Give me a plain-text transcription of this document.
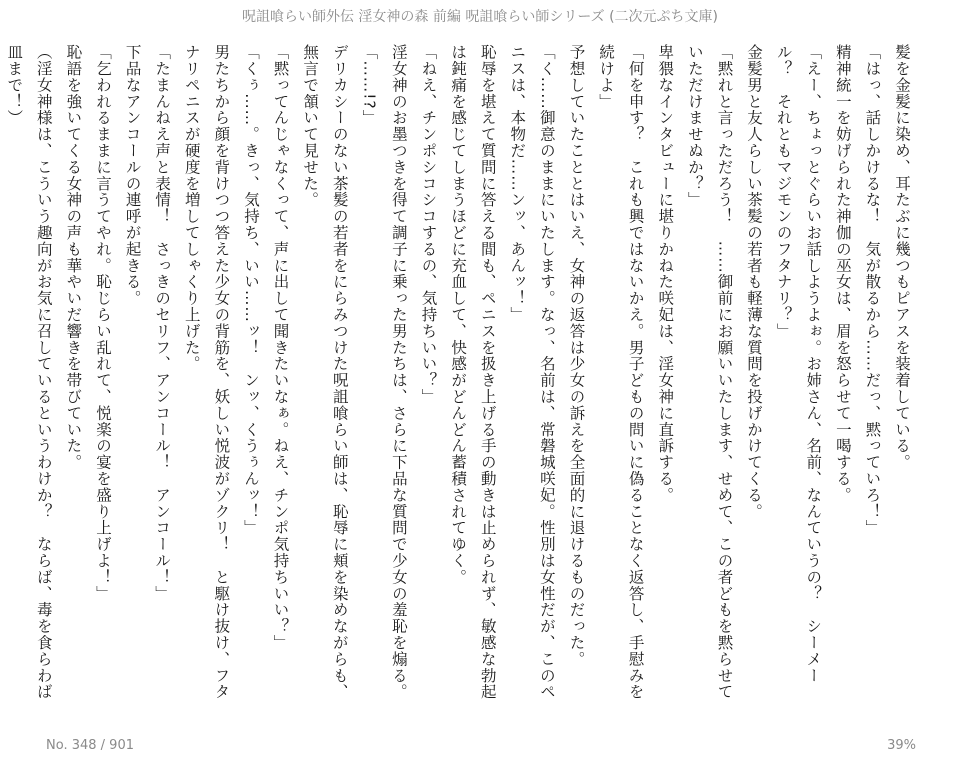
呪詛喰らい師外伝 淫女神の森 前編 呪詛喰らい師シリーズ (二次元ぷち文庫)

髪を金髪に染め、耳たぶに幾つもピアスを装着している。

「はっ、話しかけるな！　気が散るから……だっ、黙っていろ！」

精神統一を妨げられた神伽の巫女は、眉を怒らせて一喝する。

「えー、ちょっとぐらいお話しようよぉ。お姉さん、名前、なんていうの？　シーメール？　それともマジモンのフタナリ？」

金髪男と友人らしい茶髪の若者も軽薄な質問を投げかけてくる。

「黙れと言っただろう！　……御前にお願いいたします、せめて、この者どもを黙らせていただけませぬか？」

卑猥なインタビューに堪りかねた咲妃は、淫女神に直訴する。

「何を申す？　これも興ではないかえ。男子どもの問いに偽ることなく返答し、手慰みを続けよ」

予想していたこととはいえ、女神の返答は少女の訴えを全面的に退けるものだった。

「く……御意のままにいたします。なっ、名前は、常磐城咲妃。性別は女性だが、このペニスは、本物だ……ンッ、あんッ！」

恥辱を堪えて質問に答える間も、ペニスを扱き上げる手の動きは止められず、敏感な勃起は鈍痛を感じてしまうほどに充血して、快感がどんどん蓄積されてゆく。

「ねえ、チンポシコシコするの、気持ちいい？」

淫女神のお墨つきを得て調子に乗った男たちは、さらに下品な質問で少女の羞恥を煽る。

「……!?」

デリカシーのない茶髪の若者をにらみつけた呪詛喰らい師は、恥辱に頬を染めながらも、無言で頷いて見せた。

「黙ってんじゃなくって、声に出して聞きたいなぁ。ねえ、チンポ気持ちいい？」

「くぅ……。きっ、気持ち、いい……ッ！　ンッ、くうぅんッ！」

男たちから顔を背けつつ答えた少女の背筋を、妖しい悦波がゾクリ！　と駆け抜け、フタナリペニスが硬度を増してしゃくり上げた。

「たまんねえ声と表情！　さっきのセリフ、アンコール！　アンコール！」

下品なアンコールの連呼が起きる。

「乞われるままに言うてやれ。恥じらい乱れて、悦楽の宴を盛り上げよ！」

恥語を強いてくる女神の声も華やいだ響きを帯びていた。

（淫女神様は、こういう趣向がお気に召しているというわけか？　ならば、毒を食らわば皿まで！）

No. 348 / 901	39%
